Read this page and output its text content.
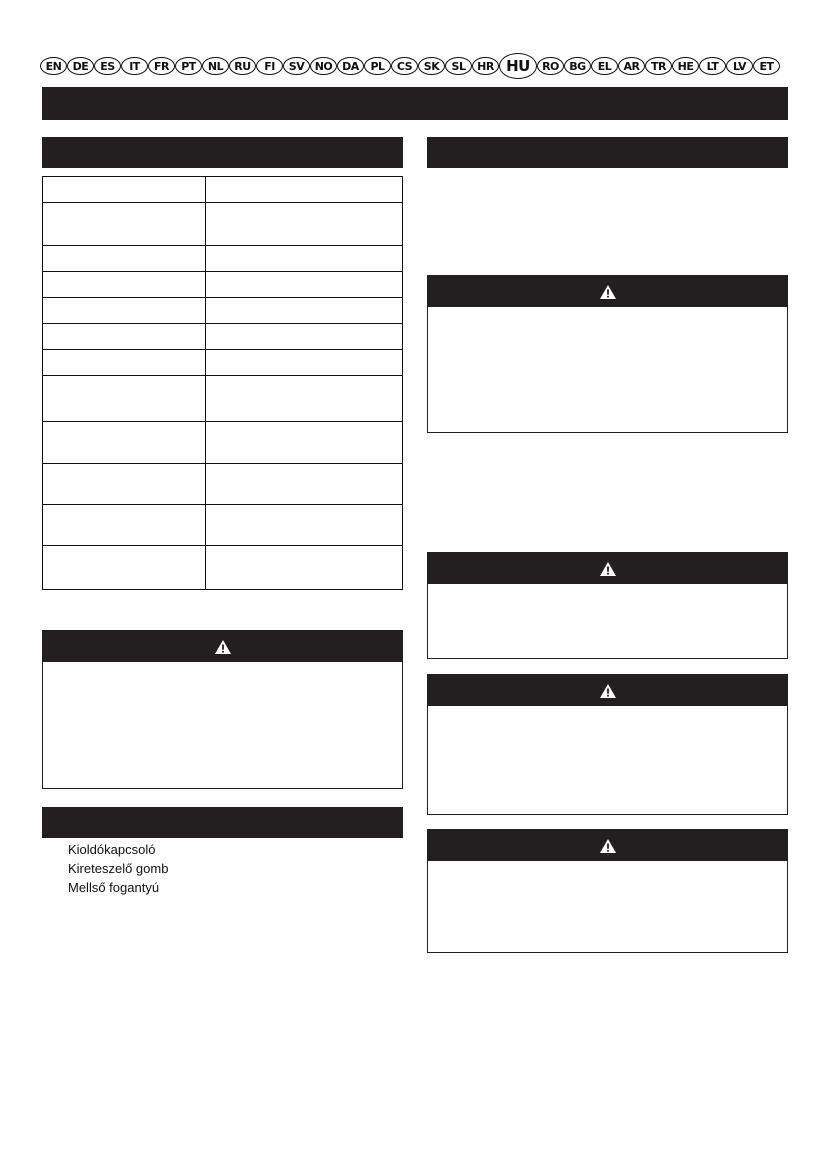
EN	DE	ES	IT	FR	PT	NL	RU	FI	SV NO DA	PL	CS	SK	SL	HR HU	RO BG	EL	AR	TR	HE	LT	LV	ET

Kioldókapcsoló
Kireteszelő gomb
Mellső fogantyú
